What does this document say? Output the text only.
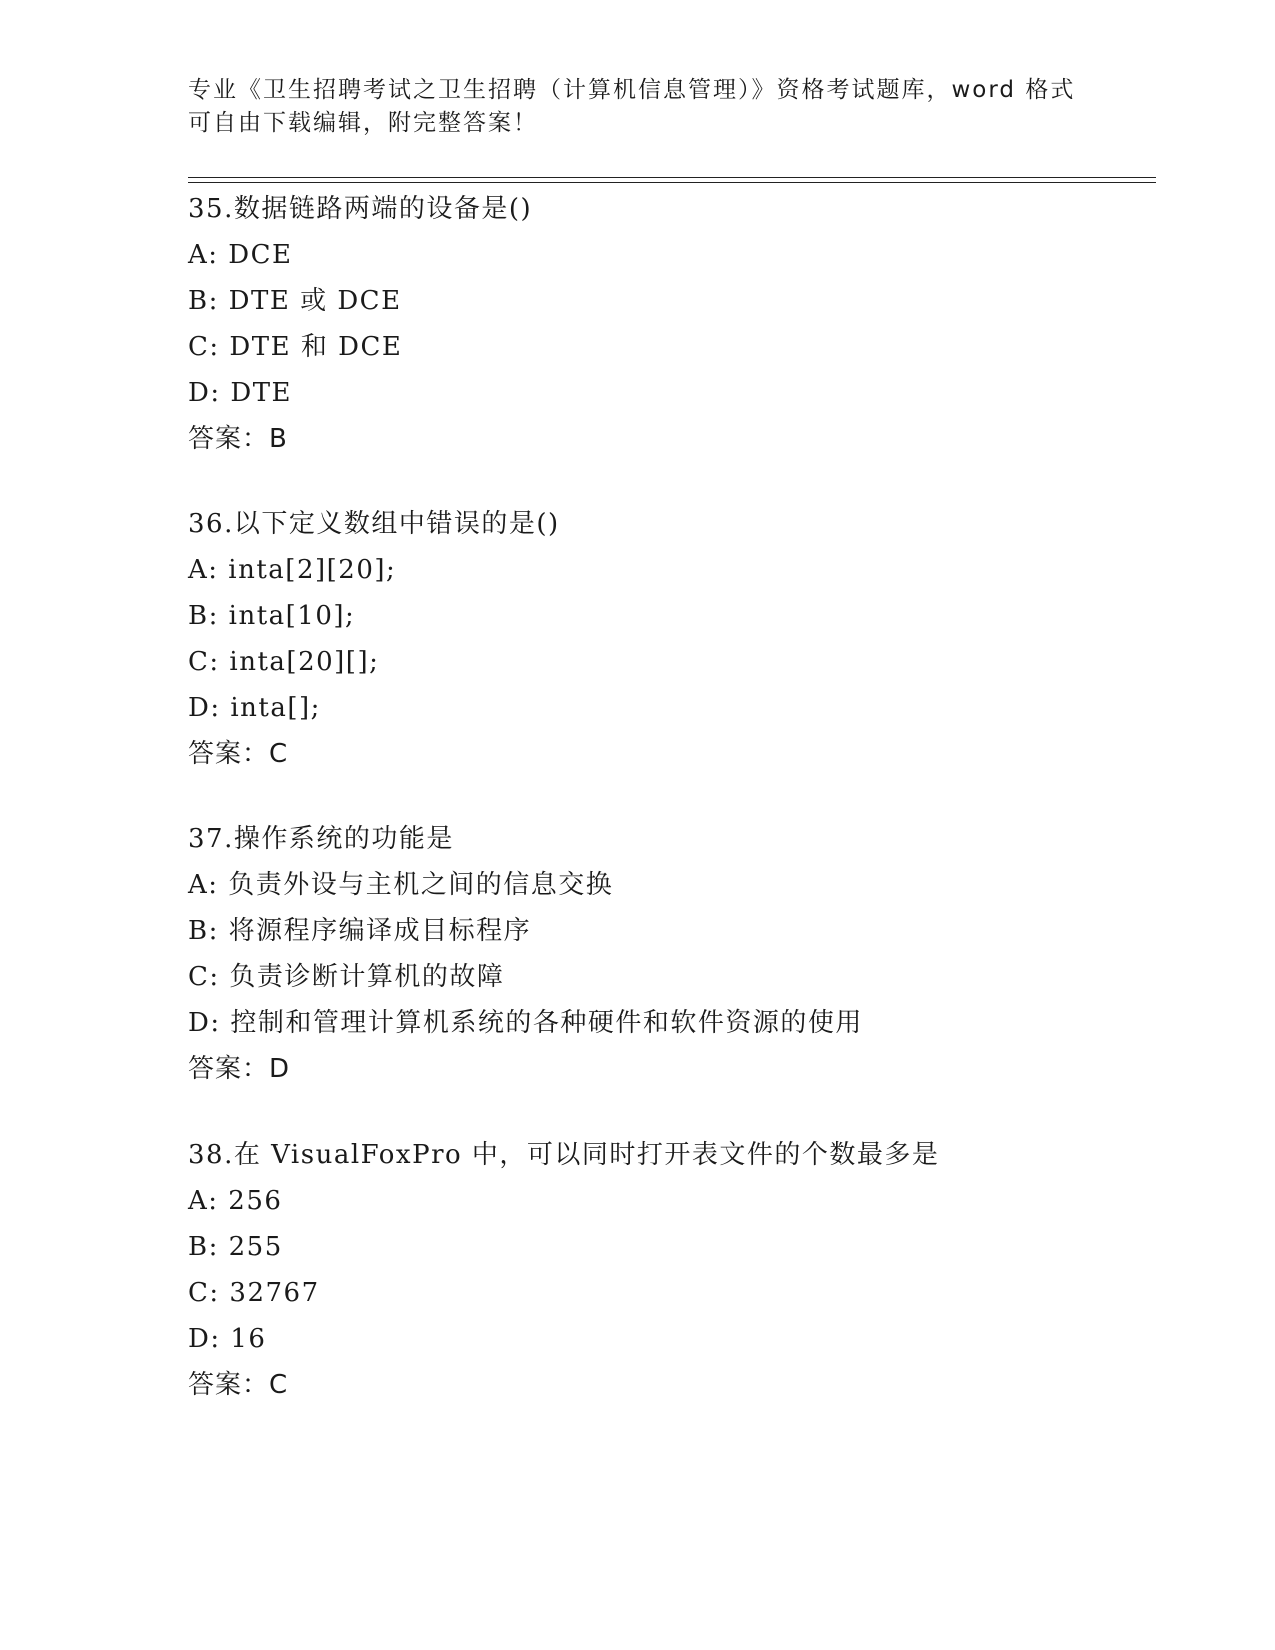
专业《卫生招聘考试之卫生招聘（计算机信息管理）》资格考试题库，word 格式
可自由下载编辑，附完整答案！
35.数据链路两端的设备是()
A: DCE
B: DTE 或 DCE
C: DTE 和 DCE
D: DTE
答案：B
36.以下定义数组中错误的是()
A: inta[2][20];
B: inta[10];
C: inta[20][];
D: inta[];
答案：C
37.操作系统的功能是
A: 负责外设与主机之间的信息交换
B: 将源程序编译成目标程序
C: 负责诊断计算机的故障
D: 控制和管理计算机系统的各种硬件和软件资源的使用
答案：D
38.在 VisualFoxPro 中，可以同时打开表文件的个数最多是
A: 256
B: 255
C: 32767
D: 16
答案：C
